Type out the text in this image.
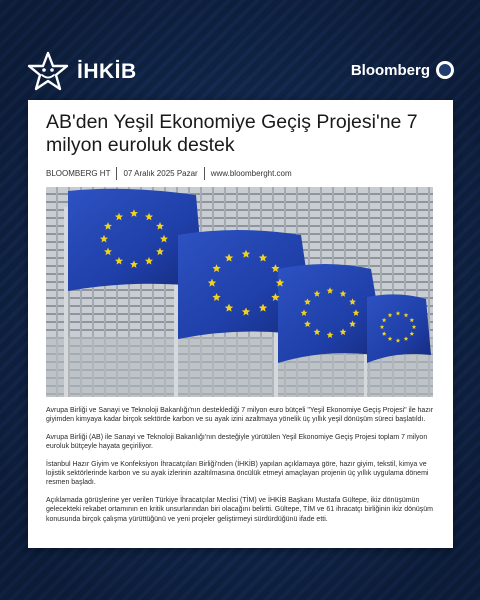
İHKİB	Bloomberg
AB'den Yeşil Ekonomiye Geçiş Projesi'ne 7 milyon euroluk destek
BLOOMBERG HT 07 Aralık 2025 Pazar www.bloomberght.com

Avrupa Birliği ve Sanayi ve Teknoloji Bakanlığı'nın desteklediği 7 milyon euro bütçeli "Yeşil Ekonomiye Geçiş Projesi" ile hazır giyimden kimyaya kadar birçok sektörde karbon ve su ayak izini azaltmaya yönelik üç yıllık yeşil dönüşüm süreci başlatıldı.

Avrupa Birliği (AB) ile Sanayi ve Teknoloji Bakanlığı'nın desteğiyle yürütülen Yeşil Ekonomiye Geçiş Projesi toplam 7 milyon euroluk bütçeyle hayata geçiriliyor.

İstanbul Hazır Giyim ve Konfeksiyon İhracatçıları Birliği'nden (İHKİB) yapılan açıklamaya göre, hazır giyim, tekstil, kimya ve lojistik sektörlerinde karbon ve su ayak izlerinin azaltılmasına öncülük etmeyi amaçlayan projenin üç yıllık uygulama dönemi resmen başladı.

Açıklamada görüşlerine yer verilen Türkiye İhracatçılar Meclisi (TİM) ve İHKİB Başkanı Mustafa Gültepe, ikiz dönüşümün gelecekteki rekabet ortamının en kritik unsurlarından biri olacağını belirtti. Gültepe, TİM ve 61 ihracatçı birliğinin ikiz dönüşüm konusunda birçok çalışma yürüttüğünü ve yeni projeler geliştirmeyi sürdürdüğünü ifade etti.
